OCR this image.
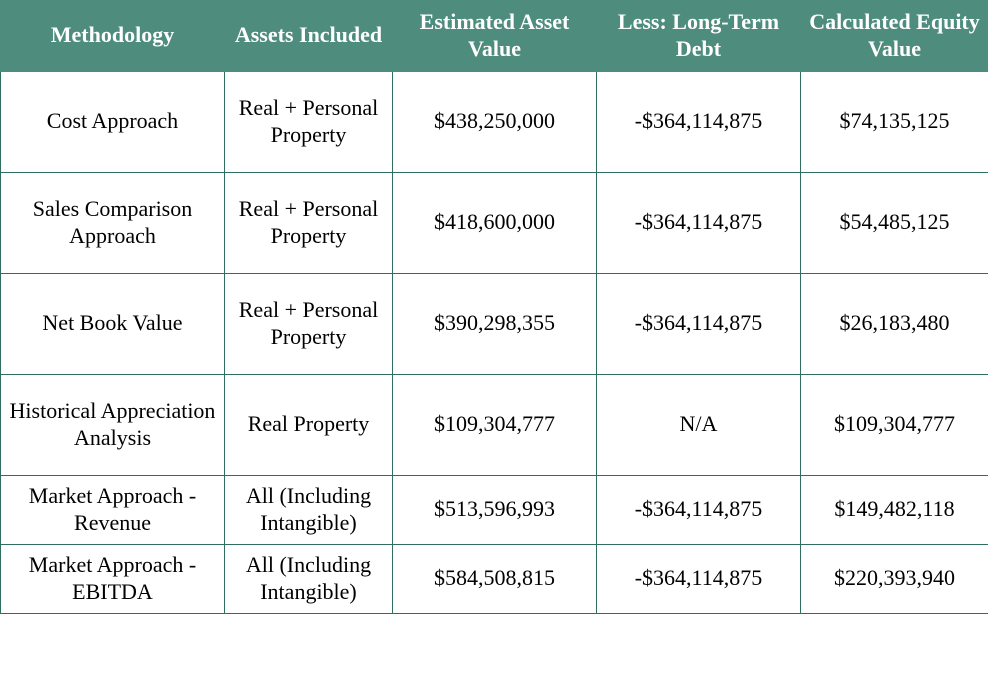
Methodology	Assets Included	Estimated Asset Value	Less: Long-Term Debt	Calculated Equity Value
Cost Approach	Real + Personal Property	$438,250,000	-$364,114,875	$74,135,125
Sales Comparison Approach	Real + Personal Property	$418,600,000	-$364,114,875	$54,485,125
Net Book Value	Real + Personal Property	$390,298,355	-$364,114,875	$26,183,480
Historical Appreciation Analysis	Real Property	$109,304,777	N/A	$109,304,777
Market Approach - Revenue	All (Including Intangible)	$513,596,993	-$364,114,875	$149,482,118
Market Approach - EBITDA	All (Including Intangible)	$584,508,815	-$364,114,875	$220,393,940
